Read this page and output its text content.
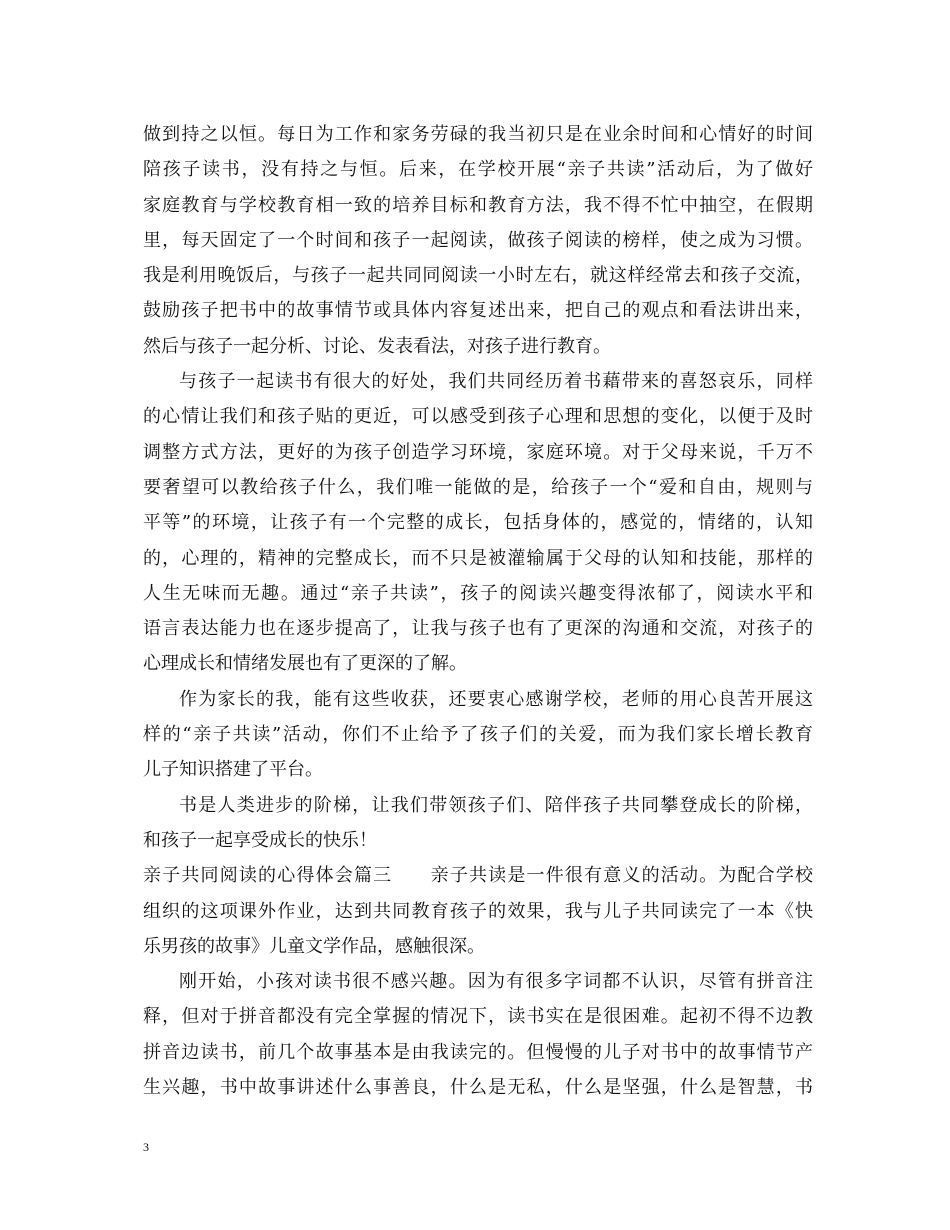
做到持之以恒。每日为工作和家务劳碌的我当初只是在业余时间和心情好的时间
陪孩子读书，没有持之与恒。后来，在学校开展“亲子共读”活动后，为了做好
家庭教育与学校教育相一致的培养目标和教育方法，我不得不忙中抽空，在假期
里，每天固定了一个时间和孩子一起阅读，做孩子阅读的榜样，使之成为习惯。
我是利用晚饭后，与孩子一起共同同阅读一小时左右，就这样经常去和孩子交流，
鼓励孩子把书中的故事情节或具体内容复述出来，把自己的观点和看法讲出来，
然后与孩子一起分析、讨论、发表看法，对孩子进行教育。
与孩子一起读书有很大的好处，我们共同经历着书藉带来的喜怒哀乐，同样
的心情让我们和孩子贴的更近，可以感受到孩子心理和思想的变化，以便于及时
调整方式方法，更好的为孩子创造学习环境，家庭环境。对于父母来说，千万不
要奢望可以教给孩子什么，我们唯一能做的是，给孩子一个“爱和自由，规则与
平等”的环境，让孩子有一个完整的成长，包括身体的，感觉的，情绪的，认知
的，心理的，精神的完整成长，而不只是被灌输属于父母的认知和技能，那样的
人生无味而无趣。通过“亲子共读”，孩子的阅读兴趣变得浓郁了，阅读水平和
语言表达能力也在逐步提高了，让我与孩子也有了更深的沟通和交流，对孩子的
心理成长和情绪发展也有了更深的了解。
作为家长的我，能有这些收获，还要衷心感谢学校，老师的用心良苦开展这
样的“亲子共读”活动，你们不止给予了孩子们的关爱，而为我们家长增长教育
儿子知识搭建了平台。
书是人类进步的阶梯，让我们带领孩子们、陪伴孩子共同攀登成长的阶梯，
和孩子一起享受成长的快乐！
亲子共同阅读的心得体会篇三　　亲子共读是一件很有意义的活动。为配合学校
组织的这项课外作业，达到共同教育孩子的效果，我与儿子共同读完了一本《快
乐男孩的故事》儿童文学作品，感触很深。
刚开始，小孩对读书很不感兴趣。因为有很多字词都不认识，尽管有拼音注
释，但对于拼音都没有完全掌握的情况下，读书实在是很困难。起初不得不边教
拼音边读书，前几个故事基本是由我读完的。但慢慢的儿子对书中的故事情节产
生兴趣，书中故事讲述什么事善良，什么是无私，什么是坚强，什么是智慧，书
3
